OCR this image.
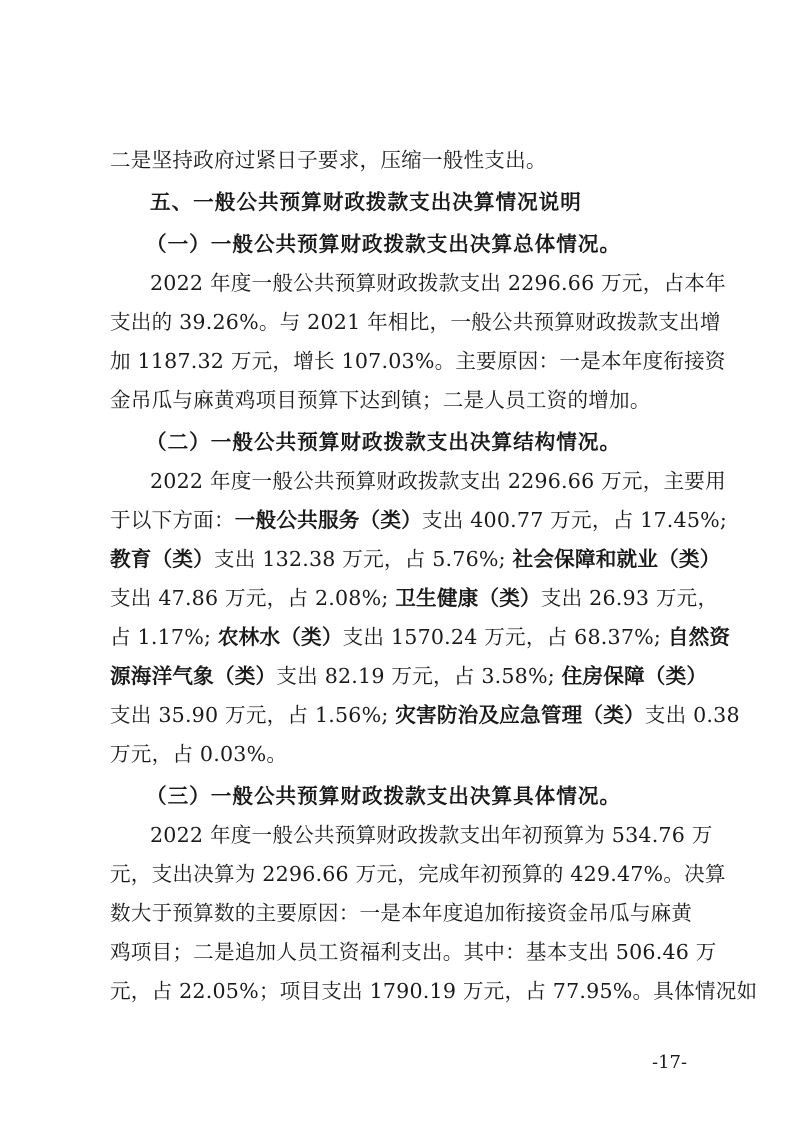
二是坚持政府过紧日子要求，压缩一般性支出。
五、一般公共预算财政拨款支出决算情况说明
（一）一般公共预算财政拨款支出决算总体情况。
2022 年度一般公共预算财政拨款支出 2296.66 万元，占本年
支出的 39.26%。与 2021 年相比，一般公共预算财政拨款支出增
加 1187.32 万元，增长 107.03%。主要原因：一是本年度衔接资
金吊瓜与麻黄鸡项目预算下达到镇；二是人员工资的增加。
（二）一般公共预算财政拨款支出决算结构情况。
2022 年度一般公共预算财政拨款支出 2296.66 万元，主要用
于以下方面：一般公共服务（类）支出 400.77 万元，占 17.45%;
教育（类）支出 132.38 万元，占 5.76%; 社会保障和就业（类）
支出 47.86 万元，占 2.08%; 卫生健康（类）支出 26.93 万元，
占 1.17%; 农林水（类）支出 1570.24 万元，占 68.37%; 自然资
源海洋气象（类）支出 82.19 万元，占 3.58%; 住房保障（类）
支出 35.90 万元，占 1.56%; 灾害防治及应急管理（类）支出 0.38
万元，占 0.03%。
（三）一般公共预算财政拨款支出决算具体情况。
2022 年度一般公共预算财政拨款支出年初预算为 534.76 万
元，支出决算为 2296.66 万元，完成年初预算的 429.47%。决算
数大于预算数的主要原因：一是本年度追加衔接资金吊瓜与麻黄
鸡项目；二是追加人员工资福利支出。其中：基本支出 506.46 万
元，占 22.05%；项目支出 1790.19 万元，占 77.95%。具体情况如
-17-
